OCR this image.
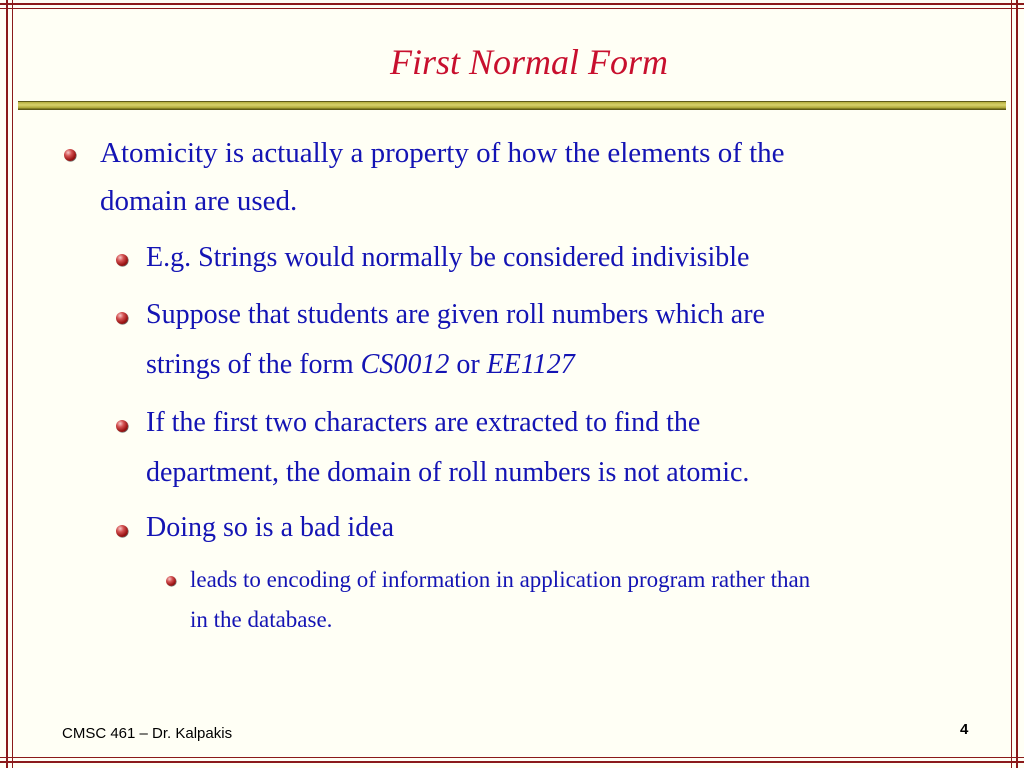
First Normal Form
Atomicity is actually a property of how the elements of the
domain are used.
E.g. Strings would normally be considered indivisible
Suppose that students are given roll numbers which are
strings of the form CS0012 or EE1127
If the first two characters are extracted to find the
department, the domain of roll numbers is not atomic.
Doing so is a bad idea
leads to encoding of information in application program rather than
in the database.
CMSC 461 – Dr. Kalpakis	4
